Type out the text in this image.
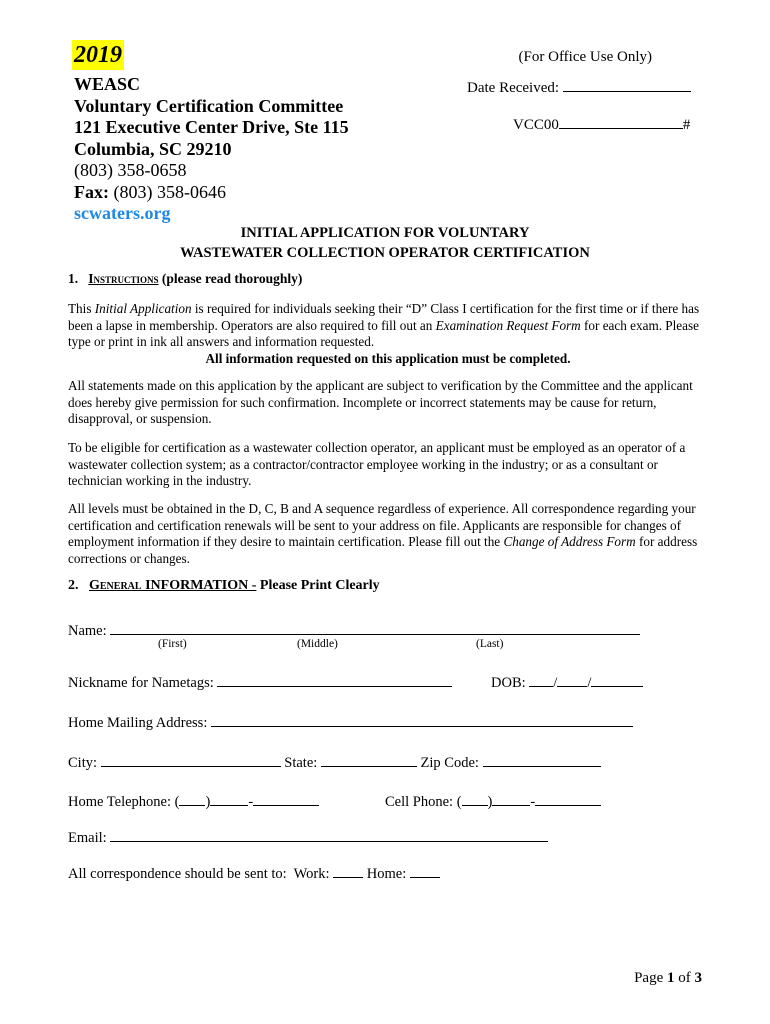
2019
WEASC
Voluntary Certification Committee
121 Executive Center Drive, Ste 115
Columbia, SC 29210
(803) 358-0658
Fax: (803) 358-0646
scwaters.org
(For Office Use Only)
Date Received:
VCC00	#
INITIAL APPLICATION FOR VOLUNTARY
WASTEWATER COLLECTION OPERATOR CERTIFICATION
1. Instructions (please read thoroughly)
This Initial Application is required for individuals seeking their “D” Class I certification for the first time or if there has been a lapse in membership. Operators are also required to fill out an Examination Request Form for each exam. Please type or print in ink all answers and information requested.
All information requested on this application must be completed.
All statements made on this application by the applicant are subject to verification by the Committee and the applicant does hereby give permission for such confirmation. Incomplete or incorrect statements may be cause for return, disapproval, or suspension.
To be eligible for certification as a wastewater collection operator, an applicant must be employed as an operator of a wastewater collection system; as a contractor/contractor employee working in the industry; or as a consultant or technician working in the industry.
All levels must be obtained in the D, C, B and A sequence regardless of experience. All correspondence regarding your certification and certification renewals will be sent to your address on file. Applicants are responsible for changes of employment information if they desire to maintain certification. Please fill out the Change of Address Form for address corrections or changes.
2. General INFORMATION - Please Print Clearly
Name:
(First)	(Middle)	(Last)
Nickname for Nametags:	DOB: / /
Home Mailing Address:
City:	State:	Zip Code:
Home Telephone: ( )	-	Cell Phone: ( )	-
Email:
All correspondence should be sent to: Work:	Home:
Page 1 of 3
